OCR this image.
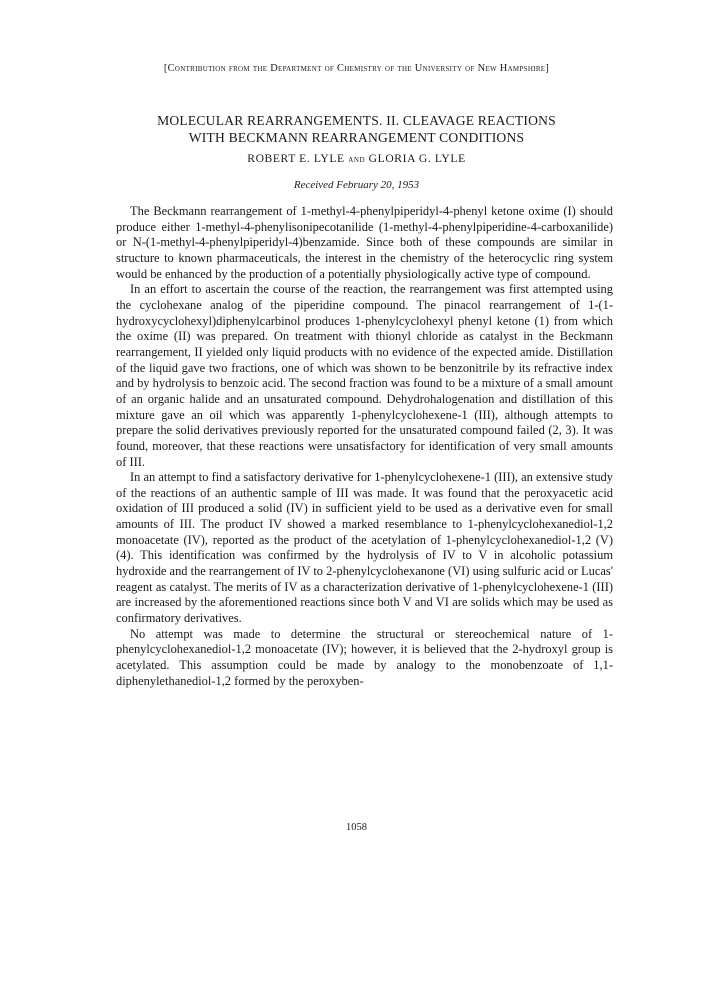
[Contribution from the Department of Chemistry of the University of New Hampshire]
MOLECULAR REARRANGEMENTS. II. CLEAVAGE REACTIONS
WITH BECKMANN REARRANGEMENT CONDITIONS
ROBERT E. LYLE and GLORIA G. LYLE
Received February 20, 1953

The Beckmann rearrangement of 1-methyl-4-phenylpiperidyl-4-phenyl ketone oxime (I) should produce either 1-methyl-4-phenylisonipecotanilide (1-methyl-4-phenylpiperidine-4-carboxanilide) or N-(1-methyl-4-phenylpiperidyl-4)benzamide. Since both of these compounds are similar in structure to known pharmaceuticals, the interest in the chemistry of the heterocyclic ring system would be enhanced by the production of a potentially physiologically active type of compound.

In an effort to ascertain the course of the reaction, the rearrangement was first attempted using the cyclohexane analog of the piperidine compound. The pinacol rearrangement of 1-(1-hydroxycyclohexyl)diphenylcarbinol produces 1-phenylcyclohexyl phenyl ketone (1) from which the oxime (II) was prepared. On treatment with thionyl chloride as catalyst in the Beckmann rearrangement, II yielded only liquid products with no evidence of the expected amide. Distillation of the liquid gave two fractions, one of which was shown to be benzonitrile by its refractive index and by hydrolysis to benzoic acid. The second fraction was found to be a mixture of a small amount of an organic halide and an unsaturated compound. Dehydrohalogenation and distillation of this mixture gave an oil which was apparently 1-phenylcyclohexene-1 (III), although attempts to prepare the solid derivatives previously reported for the unsaturated compound failed (2, 3). It was found, moreover, that these reactions were unsatisfactory for identification of very small amounts of III.

In an attempt to find a satisfactory derivative for 1-phenylcyclohexene-1 (III), an extensive study of the reactions of an authentic sample of III was made. It was found that the peroxyacetic acid oxidation of III produced a solid (IV) in sufficient yield to be used as a derivative even for small amounts of III. The product IV showed a marked resemblance to 1-phenylcyclohexanediol-1,2 monoacetate (IV), reported as the product of the acetylation of 1-phenylcyclohexanediol-1,2 (V) (4). This identification was confirmed by the hydrolysis of IV to V in alcoholic potassium hydroxide and the rearrangement of IV to 2-phenylcyclohexanone (VI) using sulfuric acid or Lucas' reagent as catalyst. The merits of IV as a characterization derivative of 1-phenylcyclohexene-1 (III) are increased by the aforementioned reactions since both V and VI are solids which may be used as confirmatory derivatives.

No attempt was made to determine the structural or stereochemical nature of 1-phenylcyclohexanediol-1,2 monoacetate (IV); however, it is believed that the 2-hydroxyl group is acetylated. This assumption could be made by analogy to the monobenzoate of 1,1-diphenylethanediol-1,2 formed by the peroxyben-

1058
